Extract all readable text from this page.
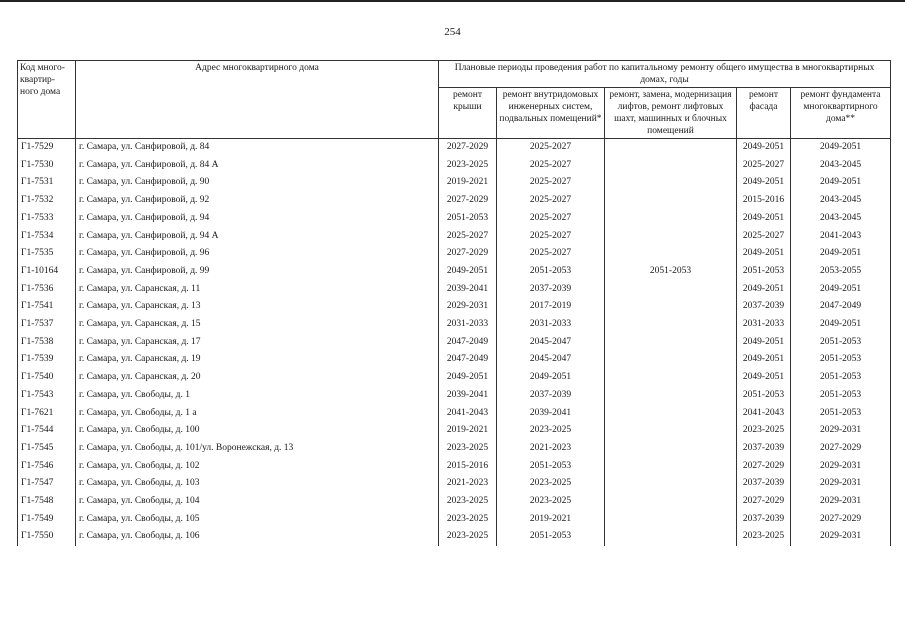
254
Код много-квартир-ного дома	Адрес многоквартирного дома	Плановые периоды проведения работ по капитальному ремонту общего имущества в многоквартирных домах, годы				
		ремонт крыши	ремонт внутридомовых инженерных систем, подвальных помещений*	ремонт, замена, модернизация лифтов, ремонт лифтовых шахт, машинных и блочных помещений	ремонт фасада	ремонт фундамента многоквартирного дома**
Г1-7529	г. Самара, ул. Санфировой, д. 84	2027-2029	2025-2027		2049-2051	2049-2051
Г1-7530	г. Самара, ул. Санфировой, д. 84 А	2023-2025	2025-2027		2025-2027	2043-2045
Г1-7531	г. Самара, ул. Санфировой, д. 90	2019-2021	2025-2027		2049-2051	2049-2051
Г1-7532	г. Самара, ул. Санфировой, д. 92	2027-2029	2025-2027		2015-2016	2043-2045
Г1-7533	г. Самара, ул. Санфировой, д. 94	2051-2053	2025-2027		2049-2051	2043-2045
Г1-7534	г. Самара, ул. Санфировой, д. 94 А	2025-2027	2025-2027		2025-2027	2041-2043
Г1-7535	г. Самара, ул. Санфировой, д. 96	2027-2029	2025-2027		2049-2051	2049-2051
Г1-10164	г. Самара, ул. Санфировой, д. 99	2049-2051	2051-2053	2051-2053	2051-2053	2053-2055
Г1-7536	г. Самара, ул. Саранская, д. 11	2039-2041	2037-2039		2049-2051	2049-2051
Г1-7541	г. Самара, ул. Саранская, д. 13	2029-2031	2017-2019		2037-2039	2047-2049
Г1-7537	г. Самара, ул. Саранская, д. 15	2031-2033	2031-2033		2031-2033	2049-2051
Г1-7538	г. Самара, ул. Саранская, д. 17	2047-2049	2045-2047		2049-2051	2051-2053
Г1-7539	г. Самара, ул. Саранская, д. 19	2047-2049	2045-2047		2049-2051	2051-2053
Г1-7540	г. Самара, ул. Саранская, д. 20	2049-2051	2049-2051		2049-2051	2051-2053
Г1-7543	г. Самара, ул. Свободы, д. 1	2039-2041	2037-2039		2051-2053	2051-2053
Г1-7621	г. Самара, ул. Свободы, д. 1 а	2041-2043	2039-2041		2041-2043	2051-2053
Г1-7544	г. Самара, ул. Свободы, д. 100	2019-2021	2023-2025		2023-2025	2029-2031
Г1-7545	г. Самара, ул. Свободы, д. 101/ул. Воронежская, д. 13	2023-2025	2021-2023		2037-2039	2027-2029
Г1-7546	г. Самара, ул. Свободы, д. 102	2015-2016	2051-2053		2027-2029	2029-2031
Г1-7547	г. Самара, ул. Свободы, д. 103	2021-2023	2023-2025		2037-2039	2029-2031
Г1-7548	г. Самара, ул. Свободы, д. 104	2023-2025	2023-2025		2027-2029	2029-2031
Г1-7549	г. Самара, ул. Свободы, д. 105	2023-2025	2019-2021		2037-2039	2027-2029
Г1-7550	г. Самара, ул. Свободы, д. 106	2023-2025	2051-2053		2023-2025	2029-2031
